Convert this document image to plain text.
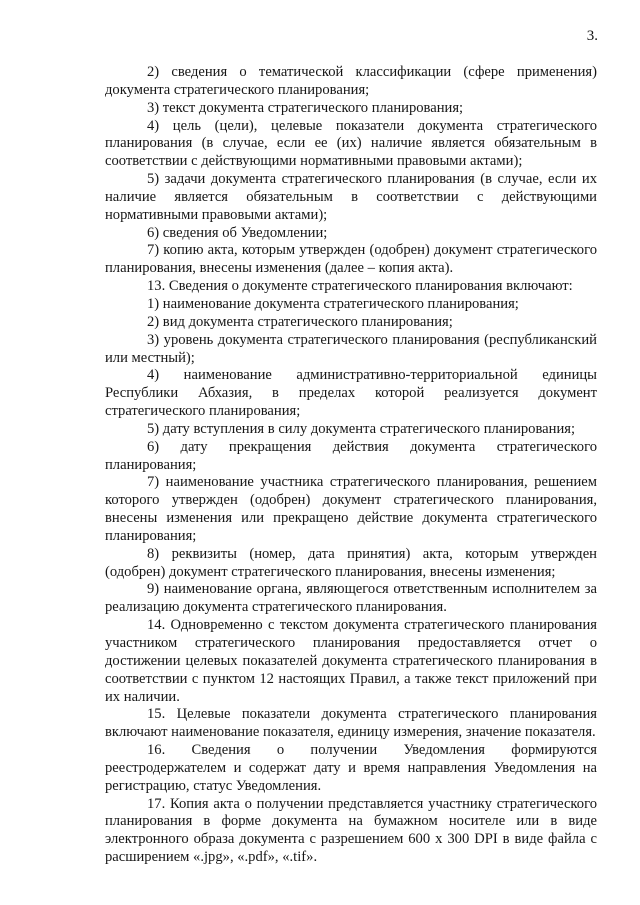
3.

2) сведения о тематической классификации (сфере применения) документа стратегического планирования;

3) текст документа стратегического планирования;

4) цель (цели), целевые показатели документа стратегического планирования (в случае, если ее (их) наличие является обязательным в соответствии с действующими нормативными правовыми актами);

5) задачи документа стратегического планирования (в случае, если их наличие является обязательным в соответствии с действующими нормативными правовыми актами);

6) сведения об Уведомлении;

7) копию акта, которым утвержден (одобрен) документ стратегического планирования, внесены изменения (далее – копия акта).

13. Сведения о документе стратегического планирования включают:

1) наименование документа стратегического планирования;

2) вид документа стратегического планирования;

3) уровень документа стратегического планирования (республиканский или местный);

4) наименование административно-территориальной единицы Республики Абхазия, в пределах которой реализуется документ стратегического планирования;

5) дату вступления в силу документа стратегического планирования;

6) дату прекращения действия документа стратегического планирования;

7) наименование участника стратегического планирования, решением которого утвержден (одобрен) документ стратегического планирования, внесены изменения или прекращено действие документа стратегического планирования;

8) реквизиты (номер, дата принятия) акта, которым утвержден (одобрен) документ стратегического планирования, внесены изменения;

9) наименование органа, являющегося ответственным исполнителем за реализацию документа стратегического планирования.

14. Одновременно с текстом документа стратегического планирования участником стратегического планирования предоставляется отчет о достижении целевых показателей документа стратегического планирования в соответствии с пунктом 12 настоящих Правил, а также текст приложений при их наличии.

15. Целевые показатели документа стратегического планирования включают наименование показателя, единицу измерения, значение показателя.

16. Сведения о получении Уведомления формируются реестродержателем и содержат дату и время направления Уведомления на регистрацию, статус Уведомления.

17. Копия акта о получении представляется участнику стратегического планирования в форме документа на бумажном носителе или в виде электронного образа документа с разрешением 600 х 300 DPI в виде файла с расширением «.jpg», «.pdf», «.tif».
